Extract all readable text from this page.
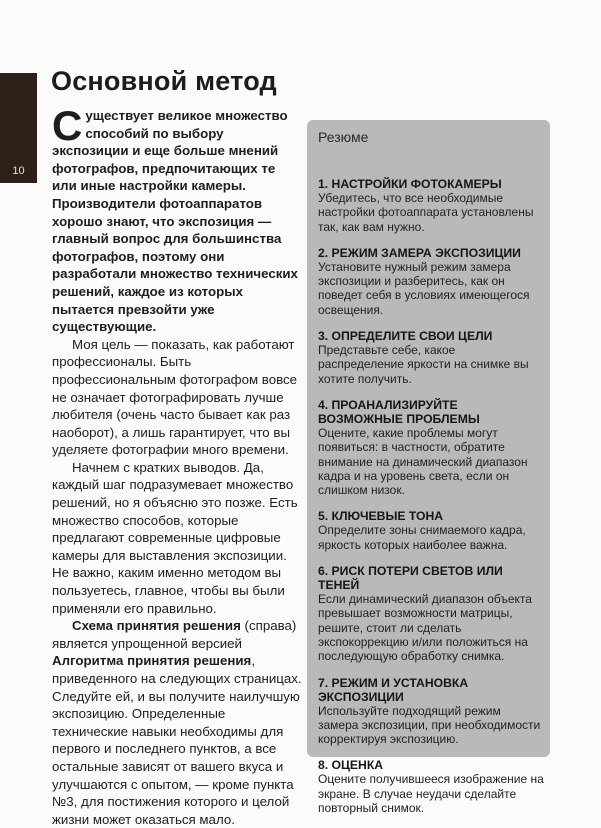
10
Основной метод

Существует великое множество способий по выбору экспозиции и еще больше мнений фотографов, предпочитающих те или иные настройки камеры. Производители фотоаппаратов хорошо знают, что экспозиция — главный вопрос для большинства фотографов, поэтому они разработали множество технических решений, каждое из которых пытается превзойти уже существующие.

Моя цель — показать, как работают профессионалы. Быть профессиональным фотографом вовсе не означает фотографировать лучше любителя (очень часто бывает как раз наоборот), а лишь гарантирует, что вы уделяете фотографии много времени.

Начнем с кратких выводов. Да, каждый шаг подразумевает множество решений, но я объясню это позже. Есть множество способов, которые предлагают современные цифровые камеры для выставления экспозиции. Не важно, каким именно методом вы пользуетесь, главное, чтобы вы были применяли его правильно.

Схема принятия решения (справа) является упрощенной версией Алгоритма принятия решения, приведенного на следующих страницах. Следуйте ей, и вы получите наилучшую экспозицию. Определенные технические навыки необходимы для первого и последнего пунктов, а все остальные зависят от вашего вкуса и улучшаются с опытом, — кроме пункта №3, для постижения которого и целой жизни может оказаться мало.

Резюме
1. НАСТРОЙКИ ФОТОКАМЕРЫ
Убедитесь, что все необходимые настройки фотоаппарата установлены так, как вам нужно.
2. РЕЖИМ ЗАМЕРА ЭКСПОЗИЦИИ
Установите нужный режим замера экспозиции и разберитесь, как он поведет себя в условиях имеющегося освещения.
3. ОПРЕДЕЛИТЕ СВОИ ЦЕЛИ
Представьте себе, какое распределение яркости на снимке вы хотите получить.
4. ПРОАНАЛИЗИРУЙТЕ ВОЗМОЖНЫЕ ПРОБЛЕМЫ
Оцените, какие проблемы могут появиться: в частности, обратите внимание на динамический диапазон кадра и на уровень света, если он слишком низок.
5. КЛЮЧЕВЫЕ ТОНА
Определите зоны снимаемого кадра, яркость которых наиболее важна.
6. РИСК ПОТЕРИ СВЕТОВ ИЛИ ТЕНЕЙ
Если динамический диапазон объекта превышает возможности матрицы, решите, стоит ли сделать экспокоррекцию и/или положиться на последующую обработку снимка.
7. РЕЖИМ И УСТАНОВКА ЭКСПОЗИЦИИ
Используйте подходящий режим замера экспозиции, при необходимости корректируя экспозицию.
8. ОЦЕНКА
Оцените получившееся изображение на экране. В случае неудачи сделайте повторный снимок.
